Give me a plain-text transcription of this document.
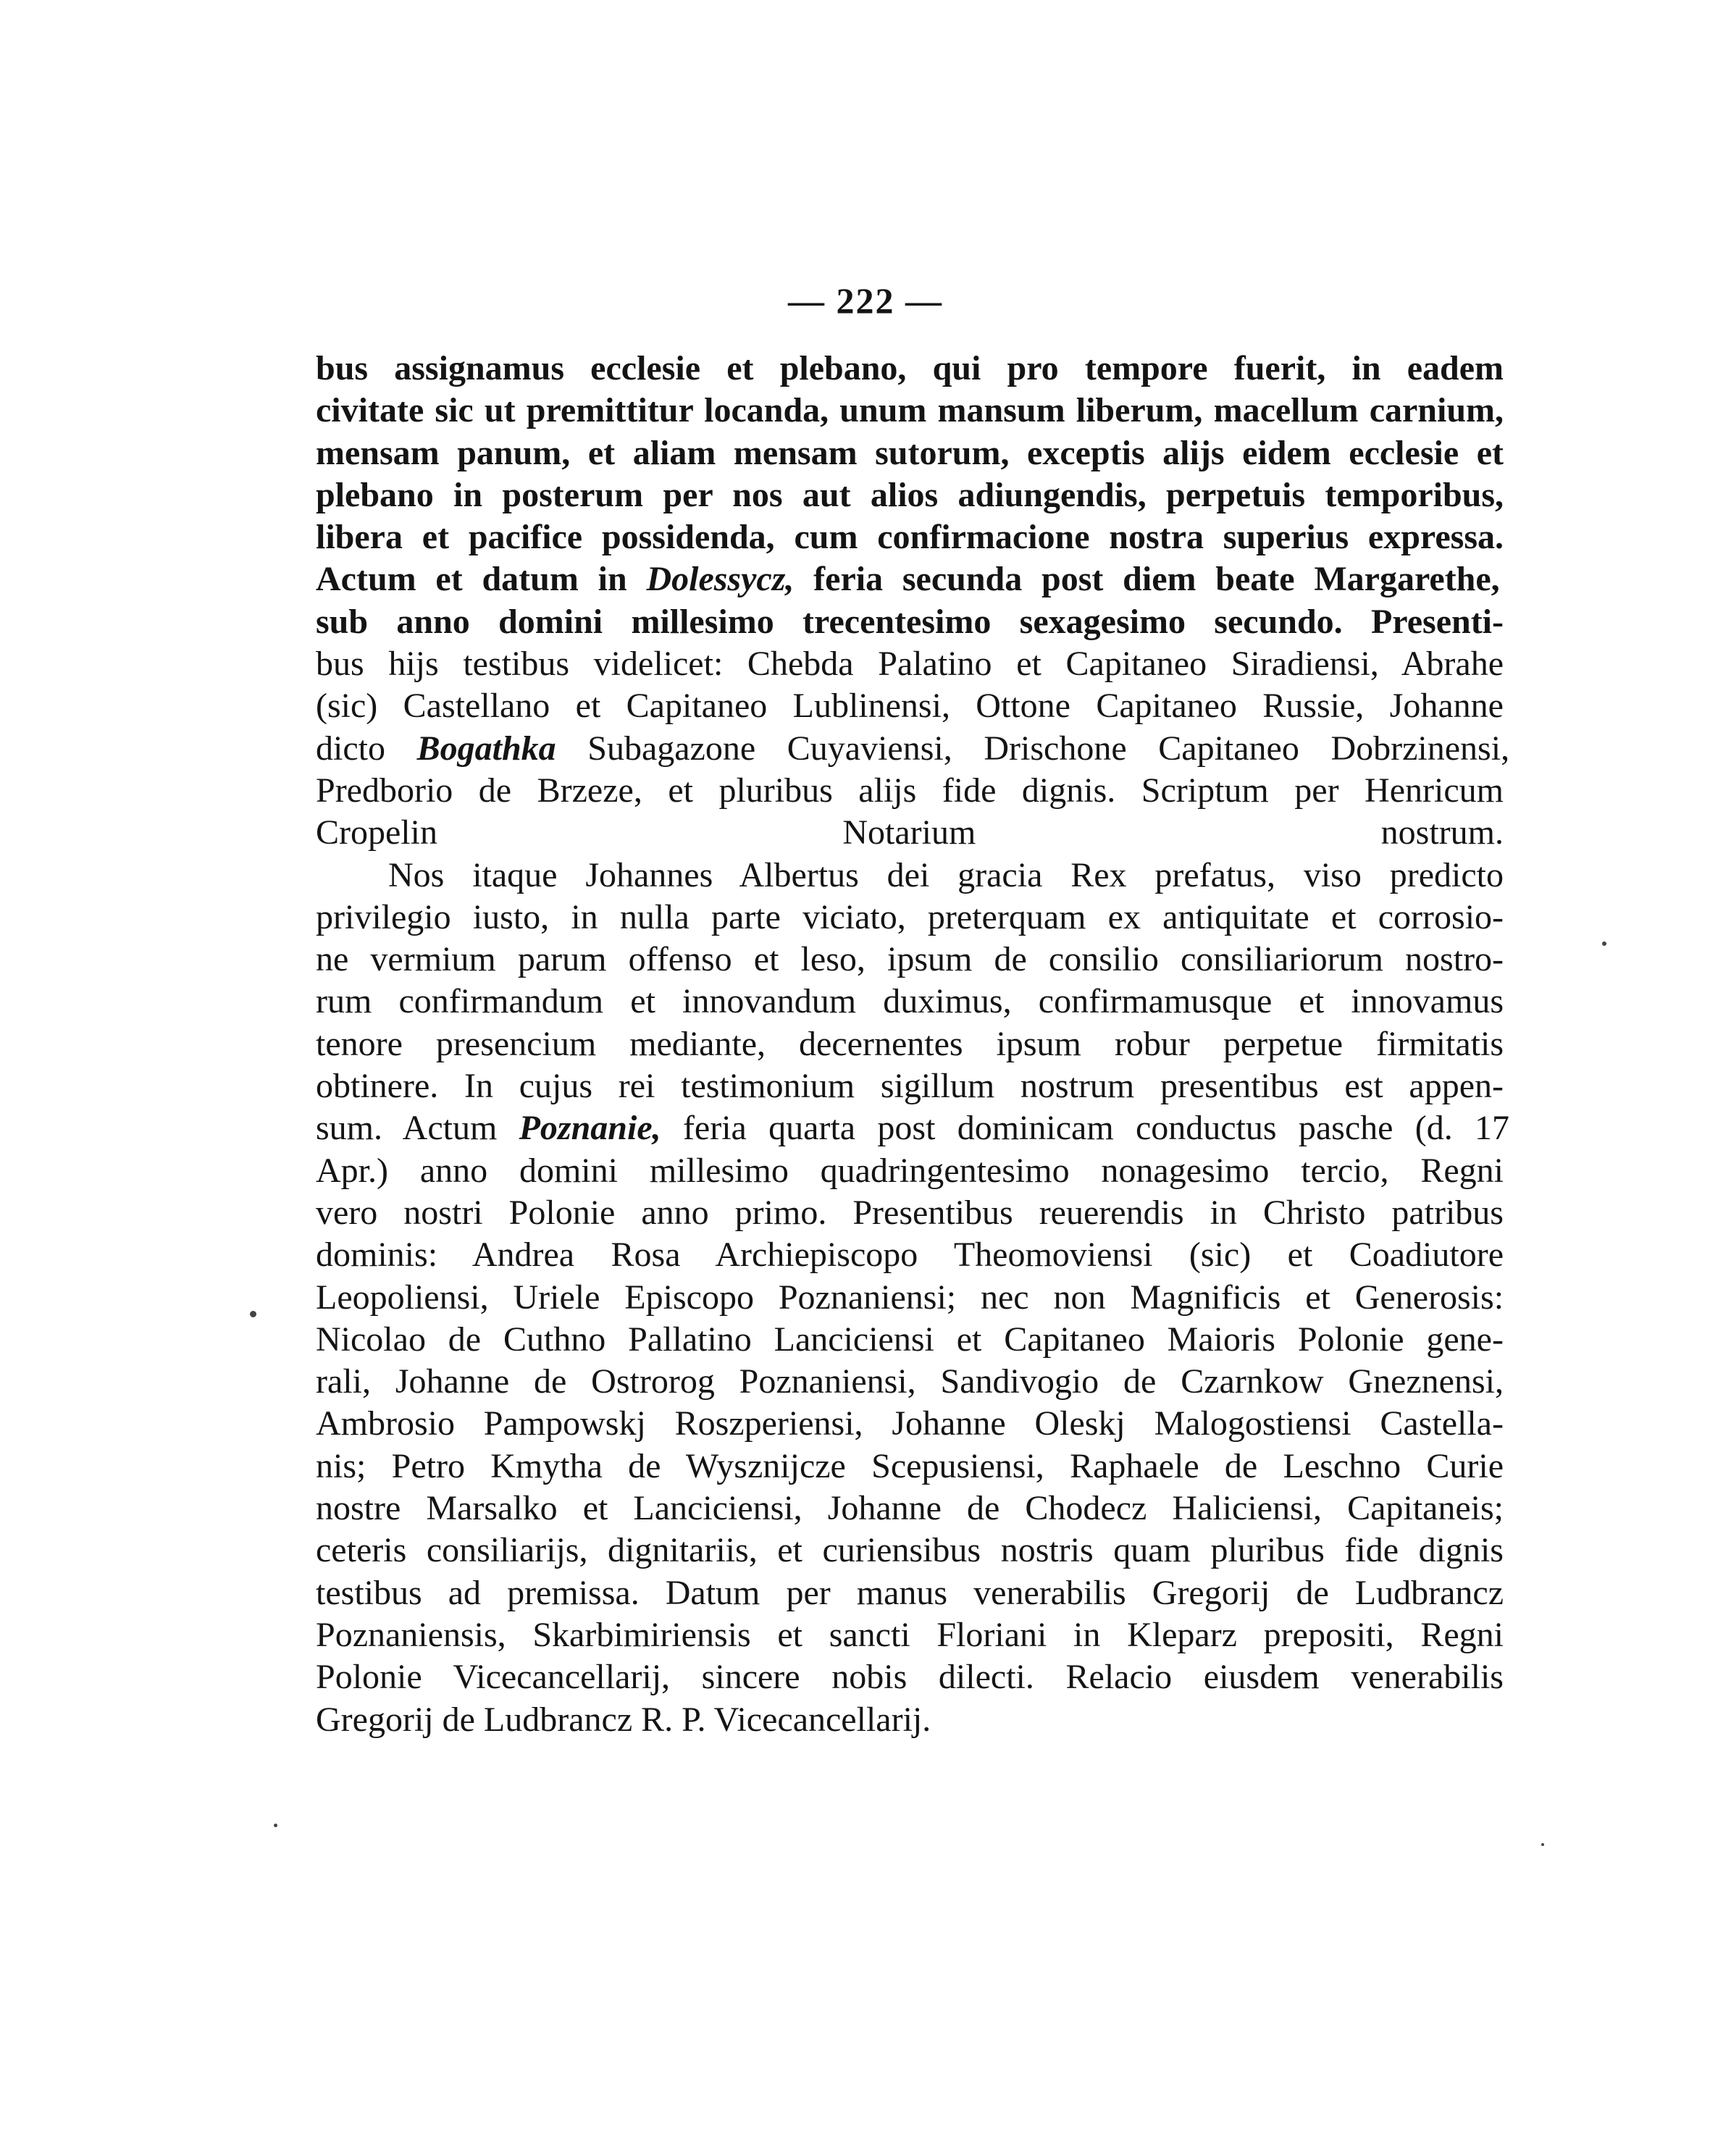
— 222 —
bus assignamus ecclesie et plebano, qui pro tempore fuerit, in eadem
civitate sic ut premittitur locanda, unum mansum liberum, macellum carnium,
mensam panum, et aliam mensam sutorum, exceptis alijs eidem ecclesie et
plebano in posterum per nos aut alios adiungendis, perpetuis temporibus,
libera et pacifice possidenda, cum confirmacione nostra superius expressa.
Actum et datum in Dolessycz, feria secunda post diem beate Margarethe,
sub anno domini millesimo trecentesimo sexagesimo secundo. Presenti-
bus hijs testibus videlicet: Chebda Palatino et Capitaneo Siradiensi, Abrahe
(sic) Castellano et Capitaneo Lublinensi, Ottone Capitaneo Russie, Johanne
dicto Bogathka Subagazone Cuyaviensi, Drischone Capitaneo Dobrzinensi,
Predborio de Brzeze, et pluribus alijs fide dignis. Scriptum per Henricum
Cropelin Notarium nostrum.
Nos itaque Johannes Albertus dei gracia Rex prefatus, viso predicto
privilegio iusto, in nulla parte viciato, preterquam ex antiquitate et corrosio-
ne vermium parum offenso et leso, ipsum de consilio consiliariorum nostro-
rum confirmandum et innovandum duximus, confirmamusque et innovamus
tenore presencium mediante, decernentes ipsum robur perpetue firmitatis
obtinere. In cujus rei testimonium sigillum nostrum presentibus est appen-
sum. Actum Poznanie, feria quarta post dominicam conductus pasche (d. 17
Apr.) anno domini millesimo quadringentesimo nonagesimo tercio, Regni
vero nostri Polonie anno primo. Presentibus reuerendis in Christo patribus
dominis: Andrea Rosa Archiepiscopo Theomoviensi (sic) et Coadiutore
Leopoliensi, Uriele Episcopo Poznaniensi; nec non Magnificis et Generosis:
Nicolao de Cuthno Pallatino Lanciciensi et Capitaneo Maioris Polonie gene-
rali, Johanne de Ostrorog Poznaniensi, Sandivogio de Czarnkow Gneznensi,
Ambrosio Pampowskj Roszperiensi, Johanne Oleskj Malogostiensi Castella-
nis; Petro Kmytha de Wysznijcze Scepusiensi, Raphaele de Leschno Curie
nostre Marsalko et Lanciciensi, Johanne de Chodecz Haliciensi, Capitaneis;
ceteris consiliarijs, dignitariis, et curiensibus nostris quam pluribus fide dignis
testibus ad premissa. Datum per manus venerabilis Gregorij de Ludbrancz
Poznaniensis, Skarbimiriensis et sancti Floriani in Kleparz prepositi, Regni
Polonie Vicecancellarij, sincere nobis dilecti. Relacio eiusdem venerabilis
Gregorij de Ludbrancz R. P. Vicecancellarij.
